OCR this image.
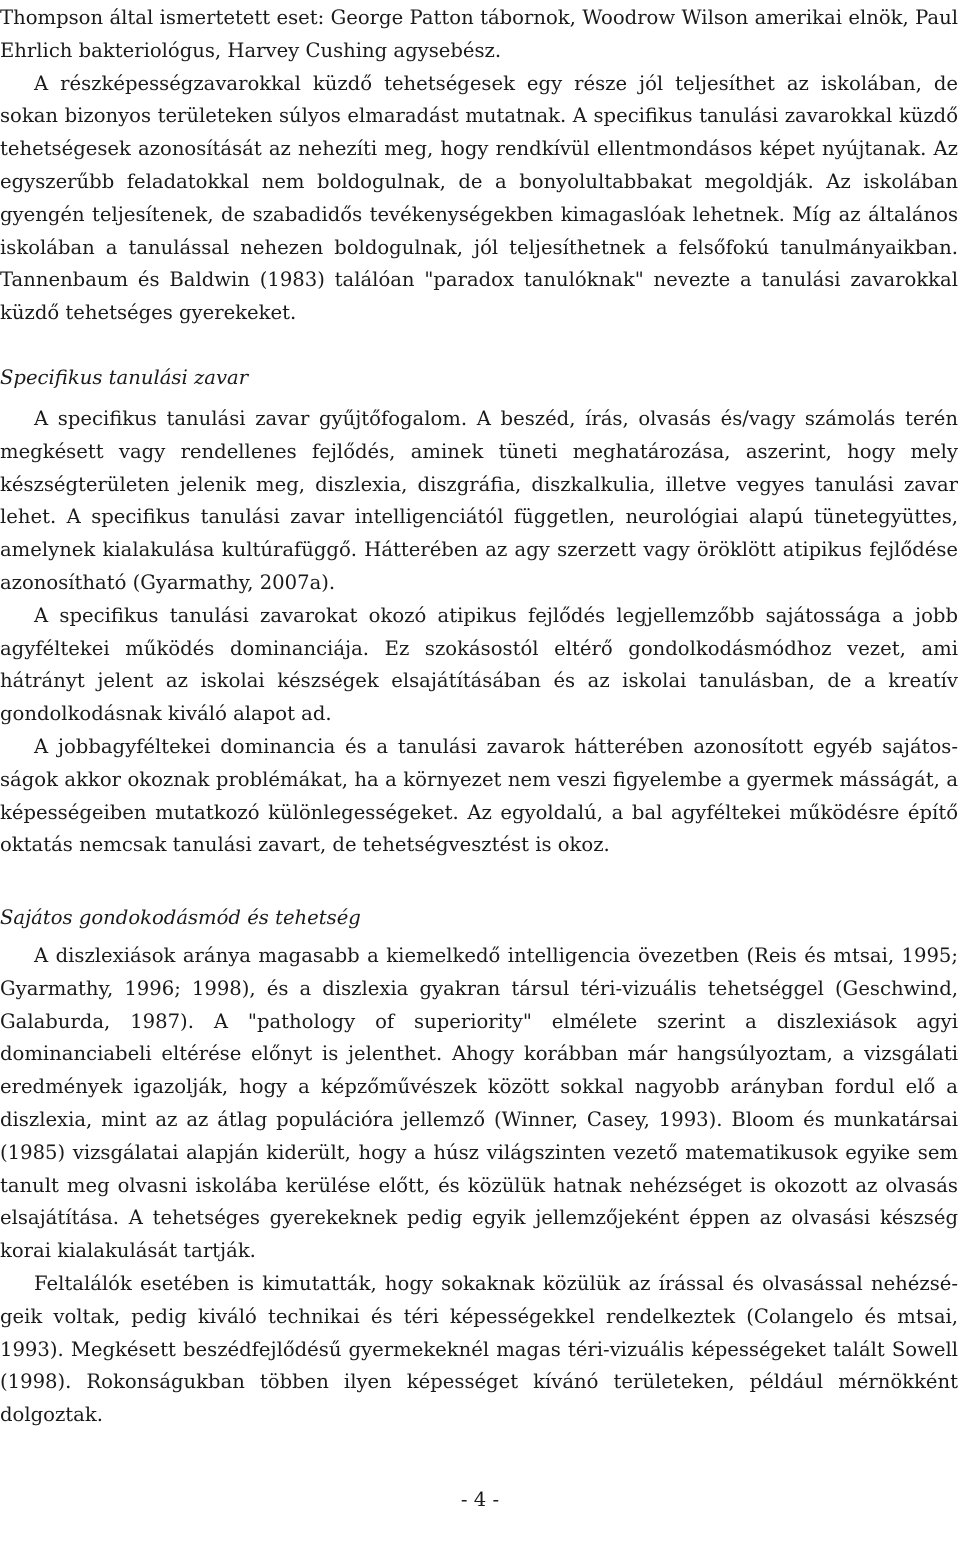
Thompson által ismertetett eset: George Patton tábornok, Woodrow Wilson amerikai elnök, Paul Ehrlich bakteriológus, Harvey Cushing agysebész.

A részképességzavarokkal küzdő tehetségesek egy része jól teljesíthet az iskolában, de sokan bizonyos területeken súlyos elmaradást mutatnak. A specifikus tanulási zavarokkal küzdő tehetségesek azonosítását az nehezíti meg, hogy rendkívül ellentmondásos képet nyújtanak. Az egyszerűbb feladatokkal nem boldogulnak, de a bonyolultabbakat megoldják. Az iskolában gyengén teljesítenek, de szabadidős tevékenységekben kimagaslóak lehetnek. Míg az általános iskolában a tanulással nehezen boldogulnak, jól teljesíthetnek a felsőfokú tanulmányaikban. Tannenbaum és Baldwin (1983) találóan "paradox tanulóknak" nevezte a tanulási zavarokkal küzdő tehetséges gyerekeket.

Specifikus tanulási zavar

A specifikus tanulási zavar gyűjtőfogalom. A beszéd, írás, olvasás és/vagy számolás terén megkésett vagy rendellenes fejlődés, aminek tüneti meghatározása, aszerint, hogy mely készségterületen jelenik meg, diszlexia, diszgráfia, diszkalkulia, illetve vegyes tanulási zavar lehet. A specifikus tanulási zavar intelligenciától független, neurológiai alapú tünetegyüttes, amelynek kialakulása kultúrafüggő. Hátterében az agy szerzett vagy öröklött atipikus fejlődése azonosítható (Gyarmathy, 2007a).

A specifikus tanulási zavarokat okozó atipikus fejlődés legjellemzőbb sajátossága a jobb agyféltekei működés dominanciája. Ez szokásostól eltérő gondolkodásmódhoz vezet, ami hátrányt jelent az iskolai készségek elsajátításában és az iskolai tanulásban, de a kreatív gondolkodásnak kiváló alapot ad.

A jobbagyféltekei dominancia és a tanulási zavarok hátterében azonosított egyéb sajátosságok akkor okoznak problémákat, ha a környezet nem veszi figyelembe a gyermek másságát, a képességeiben mutatkozó különlegességeket. Az egyoldalú, a bal agyféltekei működésre építő oktatás nemcsak tanulási zavart, de tehetségvesztést is okoz.

Sajátos gondokodásmód és tehetség

A diszlexiások aránya magasabb a kiemelkedő intelligencia övezetben (Reis és mtsai, 1995; Gyarmathy, 1996; 1998), és a diszlexia gyakran társul téri-vizuális tehetséggel (Geschwind, Galaburda, 1987). A "pathology of superiority" elmélete szerint a diszlexiások agyi dominanciabeli eltérése előnyt is jelenthet. Ahogy korábban már hangsúlyoztam, a vizsgálati eredmények igazolják, hogy a képzőművészek között sokkal nagyobb arányban fordul elő a diszlexia, mint az az átlag populációra jellemző (Winner, Casey, 1993). Bloom és munkatársai (1985) vizsgálatai alapján kiderült, hogy a húsz világszinten vezető matematikusok egyike sem tanult meg olvasni iskolába kerülése előtt, és közülük hatnak nehézséget is okozott az olvasás elsajátítása. A tehetséges gyerekeknek pedig egyik jellemzőjeként éppen az olvasási készség korai kialakulását tartják.

Feltalálók esetében is kimutatták, hogy sokaknak közülük az írással és olvasással nehézségeik voltak, pedig kiváló technikai és téri képességekkel rendelkeztek (Colangelo és mtsai, 1993). Megkésett beszédfejlődésű gyermekeknél magas téri-vizuális képességeket talált Sowell (1998). Rokonságukban többen ilyen képességet kívánó területeken, például mérnökként dolgoztak.

- 4 -
